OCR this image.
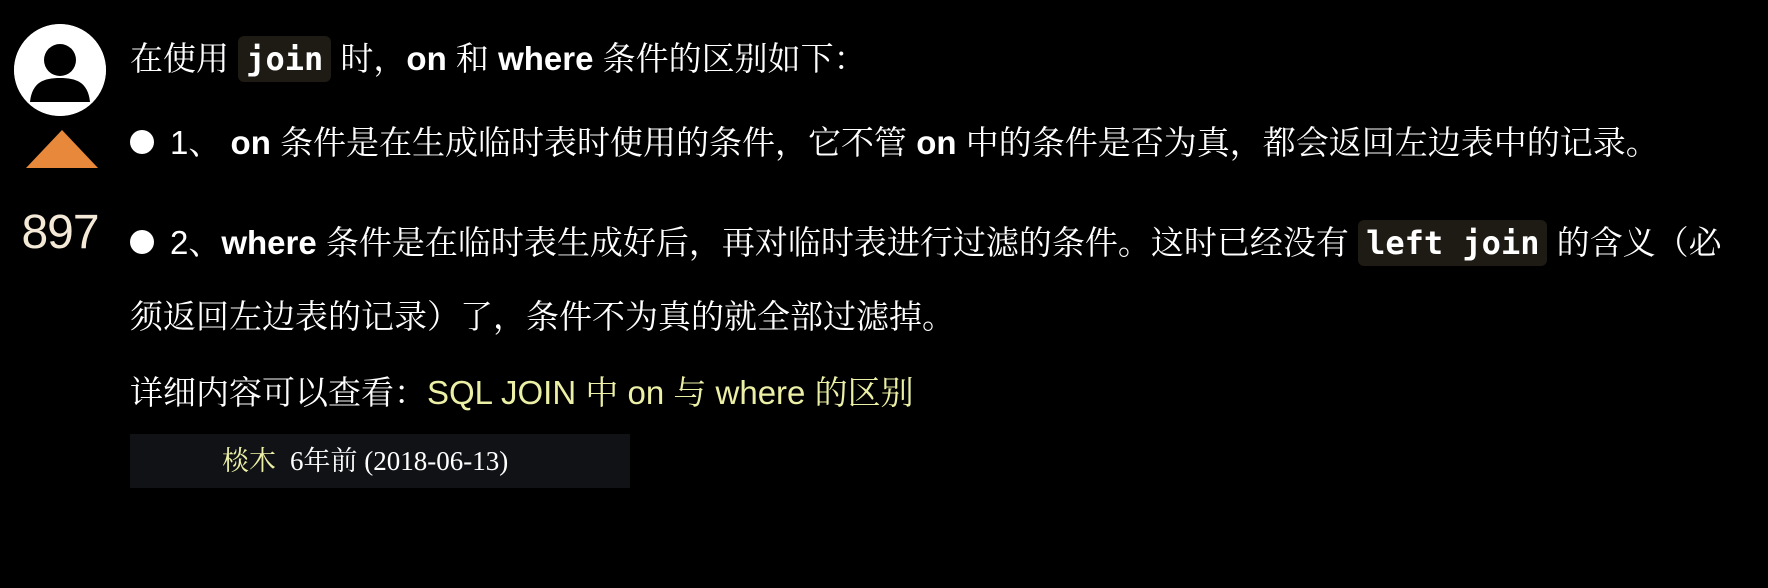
897
在使用 join 时，on 和 where 条件的区别如下：
1、 on 条件是在生成临时表时使用的条件，它不管 on 中的条件是否为真，都会返回左边表中的记录。
2、where 条件是在临时表生成好后，再对临时表进行过滤的条件。这时已经没有 left join 的含义（必须返回左边表的记录）了，条件不为真的就全部过滤掉。
详细内容可以查看：SQL JOIN 中 on 与 where 的区别
棪木 6年前 (2018-06-13)
